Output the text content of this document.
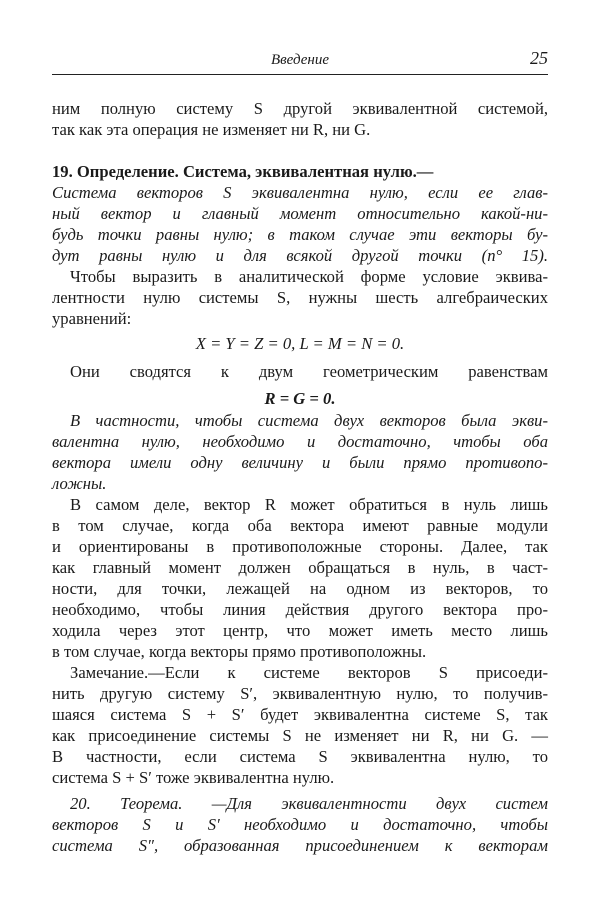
Введение	25
ним полную систему S другой эквивалентной системой,
так как эта операция не изменяет ни R, ни G.
19. Определение. Система, эквивалентная нулю.—
Система векторов S эквивалентна нулю, если ее глав-
ный вектор и главный момент относительно какой-ни-
будь точки равны нулю; в таком случае эти векторы бу-
дут равны нулю и для всякой другой точки (n° 15).
Чтобы выразить в аналитической форме условие эквива-
лентности нулю системы S, нужны шесть алгебраических
уравнений:
X = Y = Z = 0, L = M = N = 0.
Они сводятся к двум геометрическим равенствам
R = G = 0.
В частности, чтобы система двух векторов была экви-
валентна нулю, необходимо и достаточно, чтобы оба
вектора имели одну величину и были прямо противопо-
ложны.
В самом деле, вектор R может обратиться в нуль лишь
в том случае, когда оба вектора имеют равные модули
и ориентированы в противоположные стороны. Далее, так
как главный момент должен обращаться в нуль, в част-
ности, для точки, лежащей на одном из векторов, то
необходимо, чтобы линия действия другого вектора про-
ходила через этот центр, что может иметь место лишь
в том случае, когда векторы прямо противоположны.
Замечание.—Если к системе векторов S присоеди-
нить другую систему S′, эквивалентную нулю, то получив-
шаяся система S + S′ будет эквивалентна системе S, так
как присоединение системы S не изменяет ни R, ни G. —
В частности, если система S эквивалентна нулю, то
система S + S′ тоже эквивалентна нулю.
20. Теорема. —Для эквивалентности двух систем
векторов S и S′ необходимо и достаточно, чтобы
система S″, образованная присоединением к векторам
